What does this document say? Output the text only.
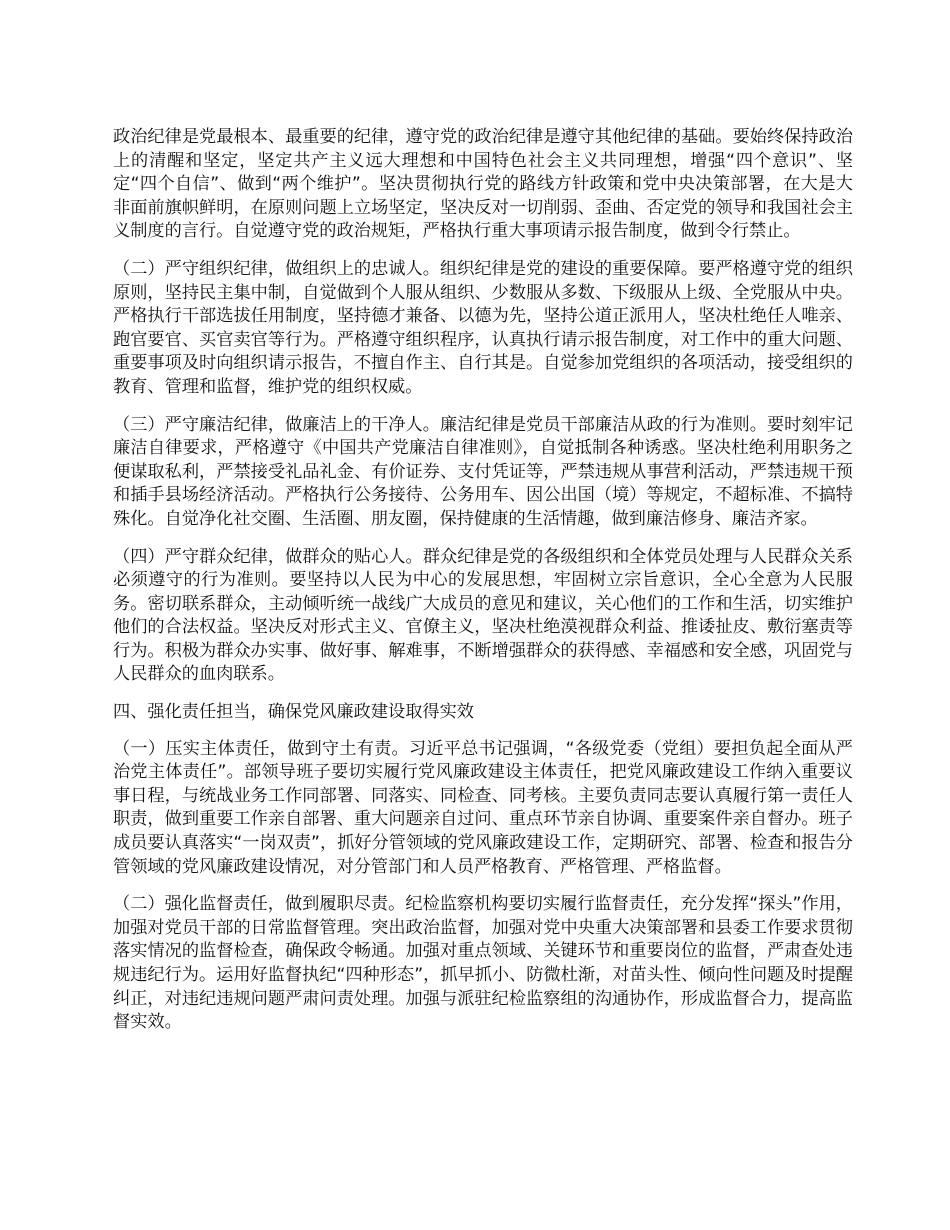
政治纪律是党最根本、最重要的纪律，遵守党的政治纪律是遵守其他纪律的基础。要始终保持政治上的清醒和坚定，坚定共产主义远大理想和中国特色社会主义共同理想，增强“四个意识”、坚定“四个自信”、做到“两个维护”。坚决贯彻执行党的路线方针政策和党中央决策部署，在大是大非面前旗帜鲜明，在原则问题上立场坚定，坚决反对一切削弱、歪曲、否定党的领导和我国社会主义制度的言行。自觉遵守党的政治规矩，严格执行重大事项请示报告制度，做到令行禁止。

（二）严守组织纪律，做组织上的忠诚人。组织纪律是党的建设的重要保障。要严格遵守党的组织原则，坚持民主集中制，自觉做到个人服从组织、少数服从多数、下级服从上级、全党服从中央。严格执行干部选拔任用制度，坚持德才兼备、以德为先，坚持公道正派用人，坚决杜绝任人唯亲、跑官要官、买官卖官等行为。严格遵守组织程序，认真执行请示报告制度，对工作中的重大问题、重要事项及时向组织请示报告，不擅自作主、自行其是。自觉参加党组织的各项活动，接受组织的教育、管理和监督，维护党的组织权威。

（三）严守廉洁纪律，做廉洁上的干净人。廉洁纪律是党员干部廉洁从政的行为准则。要时刻牢记廉洁自律要求，严格遵守《中国共产党廉洁自律准则》，自觉抵制各种诱惑。坚决杜绝利用职务之便谋取私利，严禁接受礼品礼金、有价证券、支付凭证等，严禁违规从事营利活动，严禁违规干预和插手县场经济活动。严格执行公务接待、公务用车、因公出国（境）等规定，不超标准、不搞特殊化。自觉净化社交圈、生活圈、朋友圈，保持健康的生活情趣，做到廉洁修身、廉洁齐家。

（四）严守群众纪律，做群众的贴心人。群众纪律是党的各级组织和全体党员处理与人民群众关系必须遵守的行为准则。要坚持以人民为中心的发展思想，牢固树立宗旨意识，全心全意为人民服务。密切联系群众，主动倾听统一战线广大成员的意见和建议，关心他们的工作和生活，切实维护他们的合法权益。坚决反对形式主义、官僚主义，坚决杜绝漠视群众利益、推诿扯皮、敷衍塞责等行为。积极为群众办实事、做好事、解难事，不断增强群众的获得感、幸福感和安全感，巩固党与人民群众的血肉联系。

四、强化责任担当，确保党风廉政建设取得实效

（一）压实主体责任，做到守土有责。习近平总书记强调，“各级党委（党组）要担负起全面从严治党主体责任”。部领导班子要切实履行党风廉政建设主体责任，把党风廉政建设工作纳入重要议事日程，与统战业务工作同部署、同落实、同检查、同考核。主要负责同志要认真履行第一责任人职责，做到重要工作亲自部署、重大问题亲自过问、重点环节亲自协调、重要案件亲自督办。班子成员要认真落实“一岗双责”，抓好分管领域的党风廉政建设工作，定期研究、部署、检查和报告分管领域的党风廉政建设情况，对分管部门和人员严格教育、严格管理、严格监督。

（二）强化监督责任，做到履职尽责。纪检监察机构要切实履行监督责任，充分发挥“探头”作用，加强对党员干部的日常监督管理。突出政治监督，加强对党中央重大决策部署和县委工作要求贯彻落实情况的监督检查，确保政令畅通。加强对重点领域、关键环节和重要岗位的监督，严肃查处违规违纪行为。运用好监督执纪“四种形态”，抓早抓小、防微杜渐，对苗头性、倾向性问题及时提醒纠正，对违纪违规问题严肃问责处理。加强与派驻纪检监察组的沟通协作，形成监督合力，提高监督实效。
